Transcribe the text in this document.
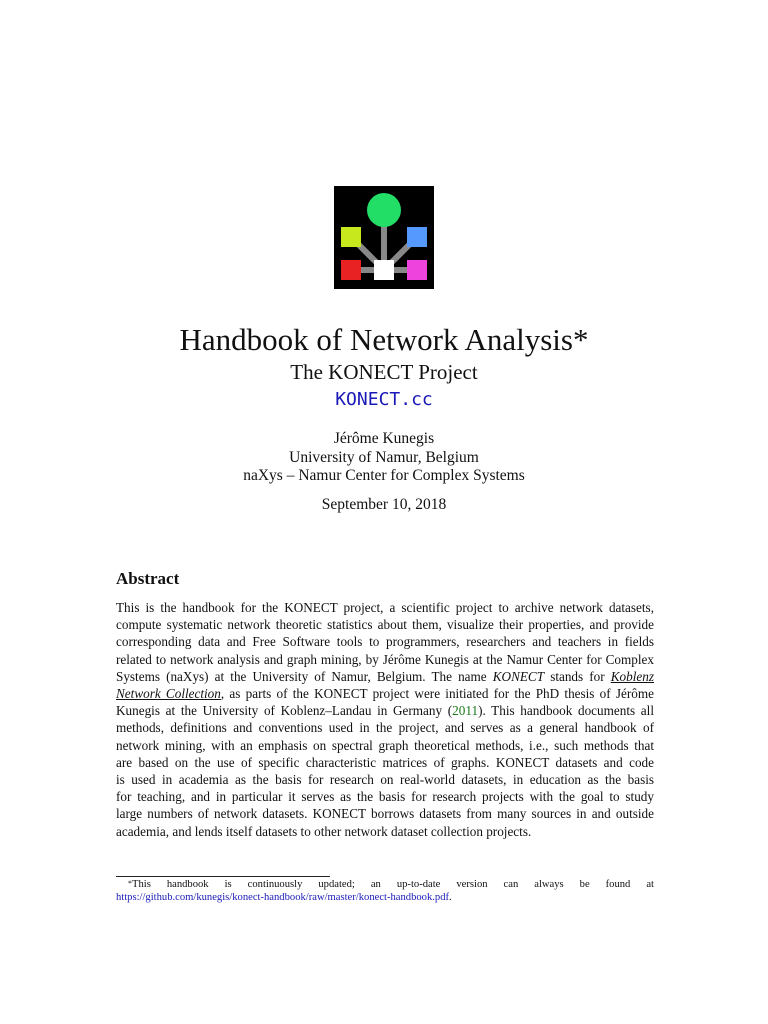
Handbook of Network Analysis*
The KONECT Project
KONECT.cc
Jérôme Kunegis
University of Namur, Belgium
naXys – Namur Center for Complex Systems
September 10, 2018
Abstract
This is the handbook for the KONECT project, a scientific project to archive network datasets,
compute systematic network theoretic statistics about them, visualize their properties, and provide
corresponding data and Free Software tools to programmers, researchers and teachers in fields
related to network analysis and graph mining, by Jérôme Kunegis at the Namur Center for Complex
Systems (naXys) at the University of Namur, Belgium. The name KONECT stands for Koblenz
Network Collection, as parts of the KONECT project were initiated for the PhD thesis of Jérôme
Kunegis at the University of Koblenz–Landau in Germany (2011). This handbook documents all
methods, definitions and conventions used in the project, and serves as a general handbook of
network mining, with an emphasis on spectral graph theoretical methods, i.e., such methods that
are based on the use of specific characteristic matrices of graphs. KONECT datasets and code
is used in academia as the basis for research on real-world datasets, in education as the basis
for teaching, and in particular it serves as the basis for research projects with the goal to study
large numbers of network datasets. KONECT borrows datasets from many sources in and outside
academia, and lends itself datasets to other network dataset collection projects.
*This handbook is continuously updated; an up-to-date version can always be found at
https://github.com/kunegis/konect-handbook/raw/master/konect-handbook.pdf.
